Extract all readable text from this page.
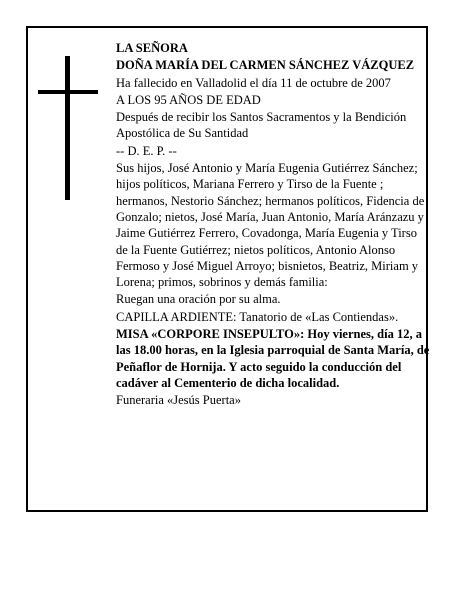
LA SEÑORA
DOÑA MARÍA DEL CARMEN SÁNCHEZ VÁZQUEZ
Ha fallecido en Valladolid el día 11 de octubre de 2007
A LOS 95 AÑOS DE EDAD
Después de recibir los Santos Sacramentos y la Bendición Apostólica de Su Santidad
-- D. E. P. --
Sus hijos, José Antonio y María Eugenia Gutiérrez Sánchez; hijos políticos, Mariana Ferrero y Tirso de la Fuente ; hermanos, Nestorio Sánchez; hermanos políticos, Fidencia de Gonzalo; nietos, José María, Juan Antonio, María Aránzazu y Jaime Gutiérrez Ferrero, Covadonga, María Eugenia y Tirso de la Fuente Gutiérrez; nietos políticos, Antonio Alonso Fermoso y José Miguel Arroyo; bisnietos, Beatriz, Miriam y Lorena; primos, sobrinos y demás familia:
Ruegan una oración por su alma.
CAPILLA ARDIENTE: Tanatorio de «Las Contiendas».
MISA «CORPORE INSEPULTO»: Hoy viernes, día 12, a las 18.00 horas, en la Iglesia parroquial de Santa María, de Peñaflor de Hornija. Y acto seguido la conducción del cadáver al Cementerio de dicha localidad.
Funeraria «Jesús Puerta»
